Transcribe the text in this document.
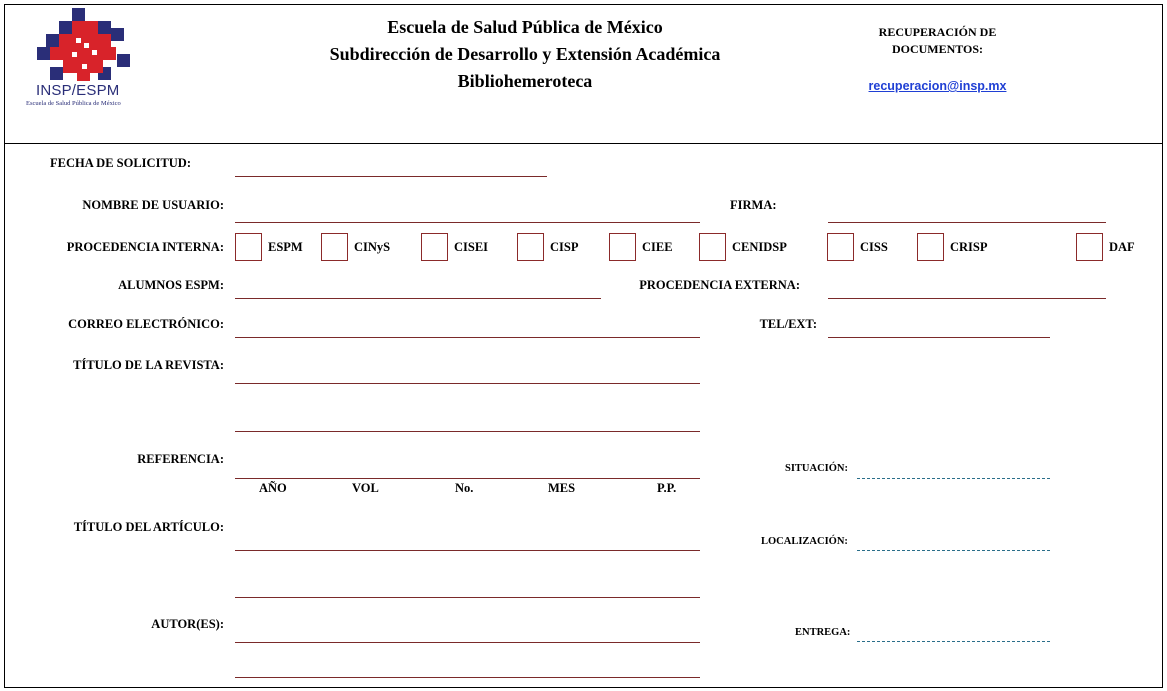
INSP/ESPM
Escuela de Salud Pública de México
Escuela de Salud Pública de México
Subdirección de Desarrollo y Extensión Académica
Bibliohemeroteca
RECUPERACIÓN DE
DOCUMENTOS:
recuperacion@insp.mx
FECHA DE SOLICITUD:
NOMBRE DE USUARIO:	FIRMA:
PROCEDENCIA INTERNA:	ESPM	CINyS	CISEI	CISP	CIEE	CENIDSP	CISS	CRISP	DAF
ALUMNOS ESPM:	PROCEDENCIA EXTERNA:
CORREO ELECTRÓNICO:	TEL/EXT:
TÍTULO DE LA REVISTA:
REFERENCIA:
AÑO	VOL	No.	MES	P.P.
SITUACIÓN:
TÍTULO DEL ARTÍCULO:
LOCALIZACIÓN:
AUTOR(ES):
ENTREGA:
